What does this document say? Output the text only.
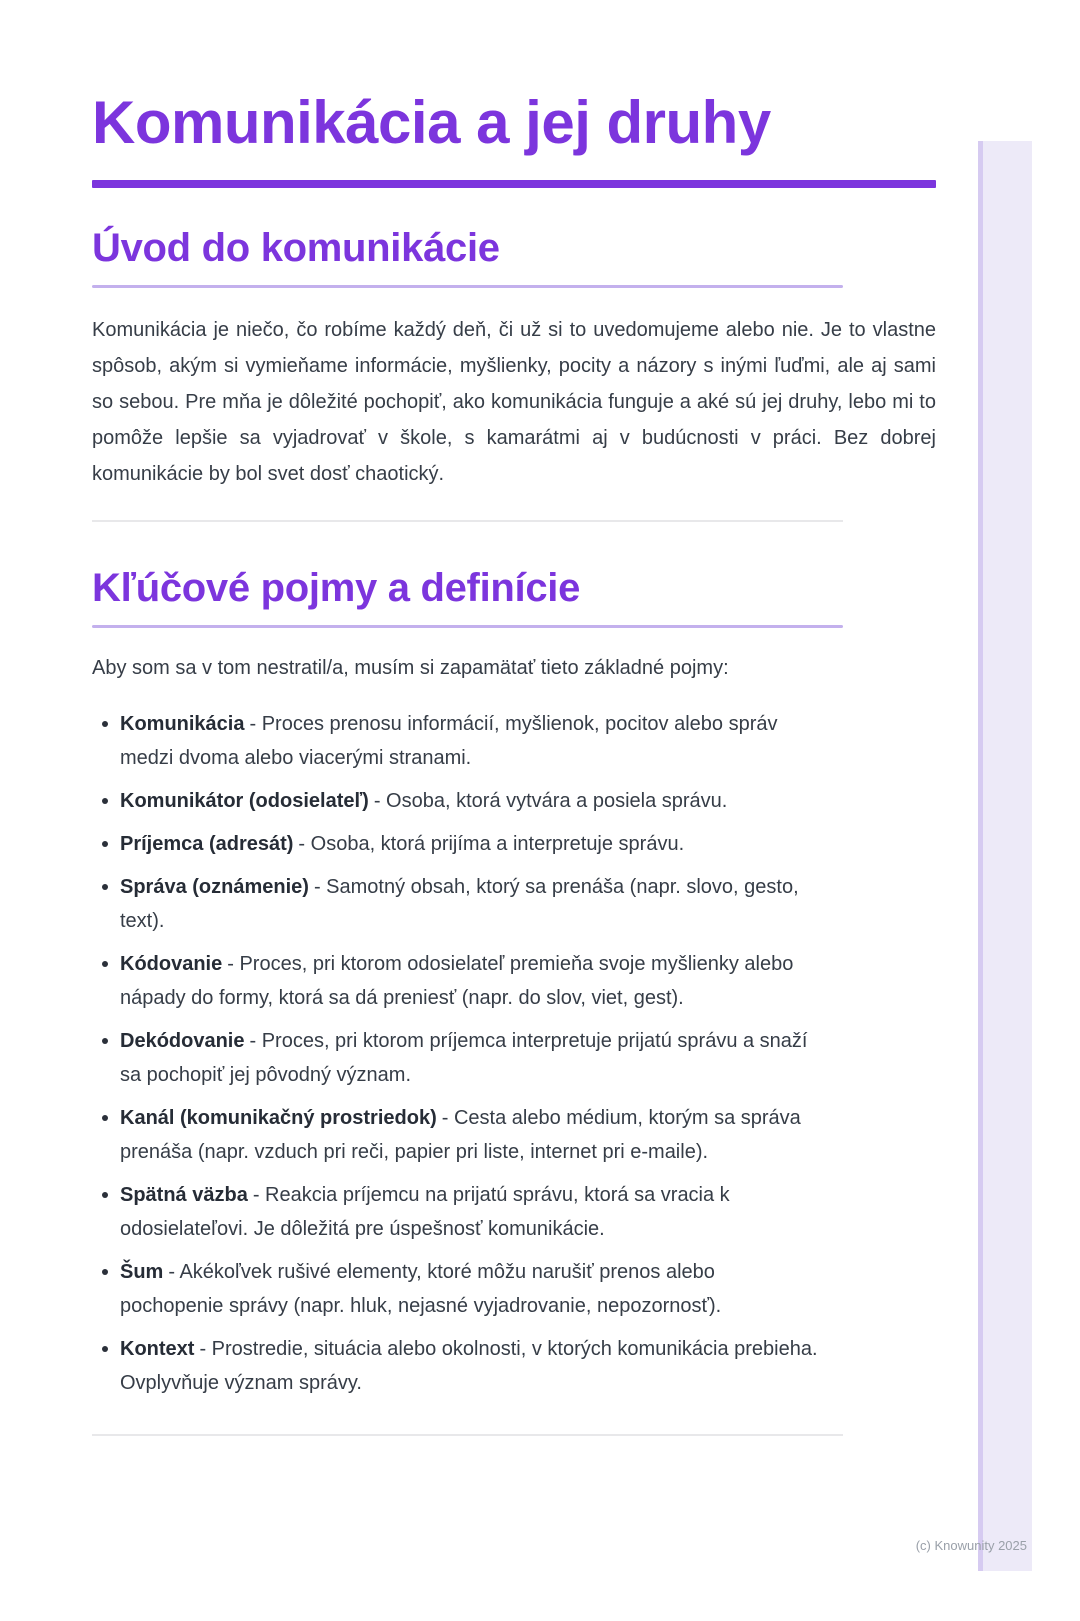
(c) Knowunity 2025
Komunikácia a jej druhy
Úvod do komunikácie

Komunikácia je niečo, čo robíme každý deň, či už si to uvedomujeme alebo nie. Je to vlastne spôsob, akým si vymieňame informácie, myšlienky, pocity a názory s inými ľuďmi, ale aj sami so sebou. Pre mňa je dôležité pochopiť, ako komunikácia funguje a aké sú jej druhy, lebo mi to pomôže lepšie sa vyjadrovať v škole, s kamarátmi aj v budúcnosti v práci. Bez dobrej komunikácie by bol svet dosť chaotický.

Kľúčové pojmy a definície

Aby som sa v tom nestratil/a, musím si zapamätať tieto základné pojmy:

Komunikácia - Proces prenosu informácií, myšlienok, pocitov alebo správ medzi dvoma alebo viacerými stranami.
Komunikátor (odosielateľ) - Osoba, ktorá vytvára a posiela správu.
Príjemca (adresát) - Osoba, ktorá prijíma a interpretuje správu.
Správa (oznámenie) - Samotný obsah, ktorý sa prenáša (napr. slovo, gesto, text).
Kódovanie - Proces, pri ktorom odosielateľ premieňa svoje myšlienky alebo nápady do formy, ktorá sa dá preniesť (napr. do slov, viet, gest).
Dekódovanie - Proces, pri ktorom príjemca interpretuje prijatú správu a snaží sa pochopiť jej pôvodný význam.
Kanál (komunikačný prostriedok) - Cesta alebo médium, ktorým sa správa prenáša (napr. vzduch pri reči, papier pri liste, internet pri e-maile).
Spätná väzba - Reakcia príjemcu na prijatú správu, ktorá sa vracia k odosielateľovi. Je dôležitá pre úspešnosť komunikácie.
Šum - Akékoľvek rušivé elementy, ktoré môžu narušiť prenos alebo pochopenie správy (napr. hluk, nejasné vyjadrovanie, nepozornosť).
Kontext - Prostredie, situácia alebo okolnosti, v ktorých komunikácia prebieha. Ovplyvňuje význam správy.
